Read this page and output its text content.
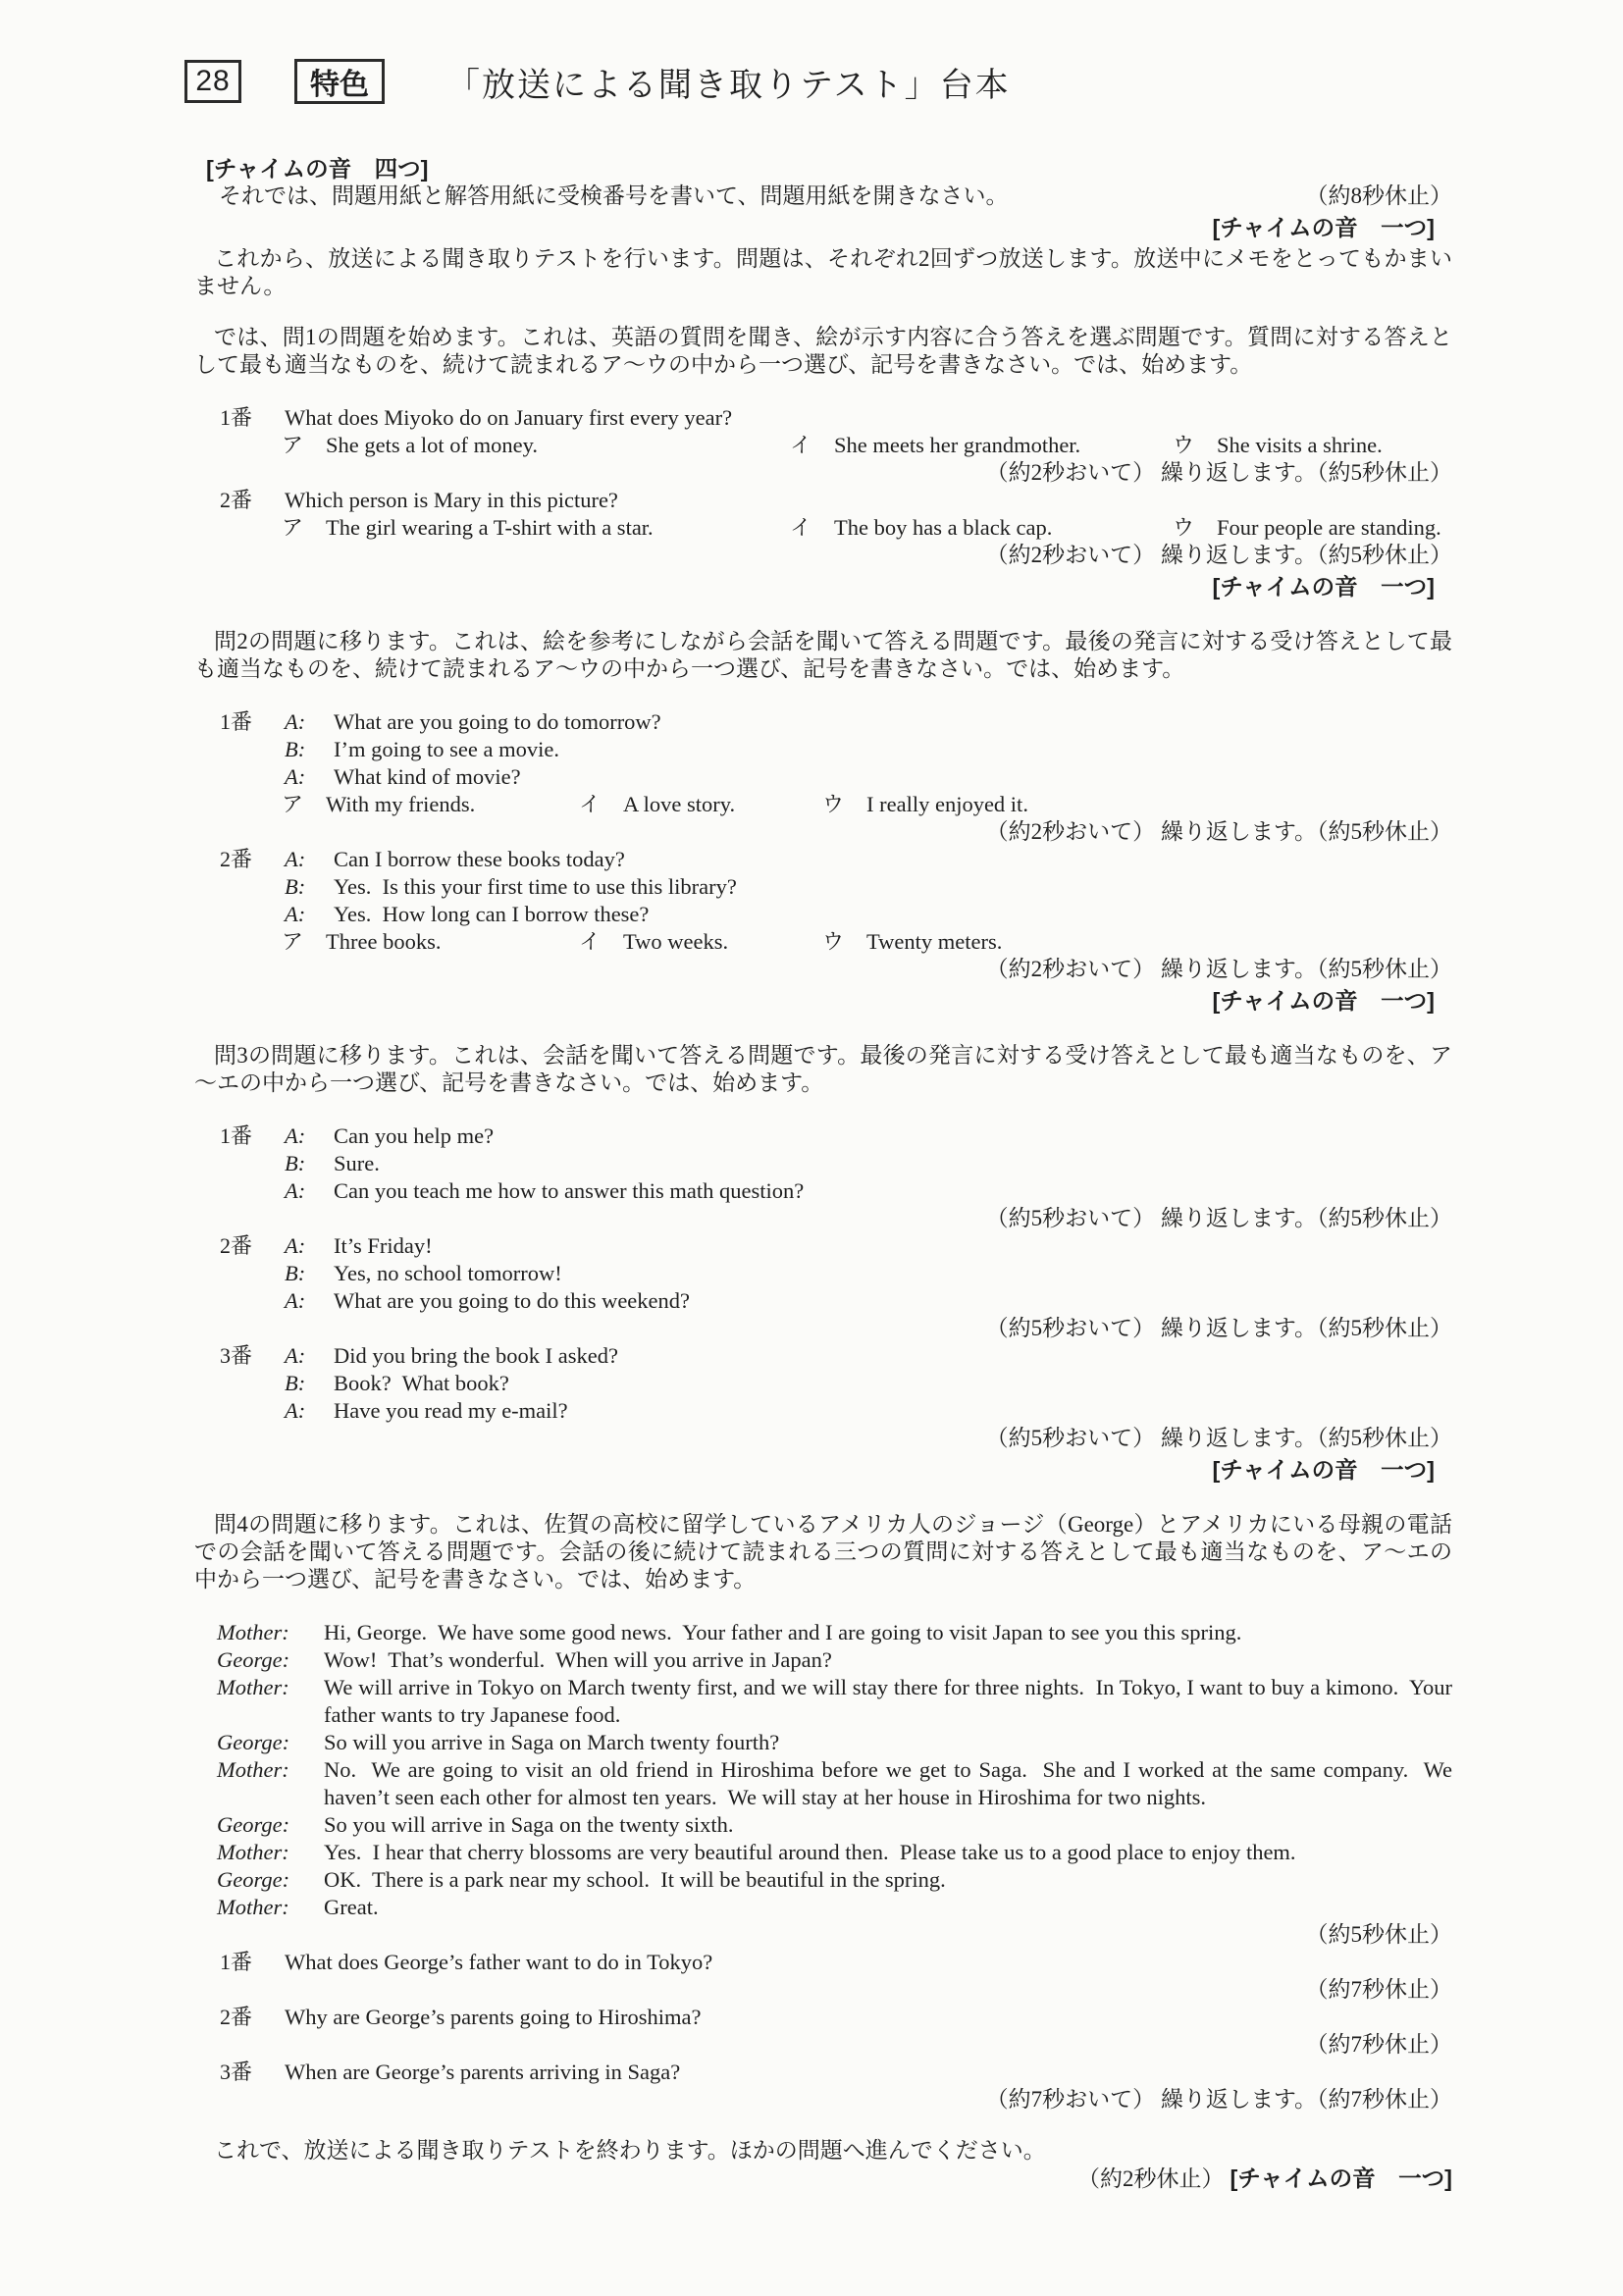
28	特色 「放送による聞き取りテスト」台本
[チャイムの音　四つ]
それでは、問題用紙と解答用紙に受検番号を書いて、問題用紙を開きなさい。	（約8秒休止）
[チャイムの音　一つ]
これから、放送による聞き取りテストを行います。問題は、それぞれ2回ずつ放送します。放送中にメモをとってもかまいません。
では、問1の問題を始めます。これは、英語の質問を聞き、絵が示す内容に合う答えを選ぶ問題です。質問に対する答えとして最も適当なものを、続けて読まれるア～ウの中から一つ選び、記号を書きなさい。では、始めます。
1番	What does Miyoko do on January first every year?
ア	She gets a lot of money.	イ	She meets her grandmother.	ウ	She visits a shrine.
（約2秒おいて） 繰り返します。（約5秒休止）
2番	Which person is Mary in this picture?
ア	The girl wearing a T-shirt with a star.	イ	The boy has a black cap.	ウ	Four people are standing.
（約2秒おいて） 繰り返します。（約5秒休止）
[チャイムの音　一つ]
問2の問題に移ります。これは、絵を参考にしながら会話を聞いて答える問題です。最後の発言に対する受け答えとして最も適当なものを、続けて読まれるア～ウの中から一つ選び、記号を書きなさい。では、始めます。
1番	A:	What are you going to do tomorrow?
B:	I’m going to see a movie.
A:	What kind of movie?
ア	With my friends.	イ	A love story.	ウ	I really enjoyed it.
（約2秒おいて） 繰り返します。（約5秒休止）
2番	A:	Can I borrow these books today?
B:	Yes.  Is this your first time to use this library?
A:	Yes.  How long can I borrow these?
ア	Three books.	イ	Two weeks.	ウ	Twenty meters.
（約2秒おいて） 繰り返します。（約5秒休止）
[チャイムの音　一つ]
問3の問題に移ります。これは、会話を聞いて答える問題です。最後の発言に対する受け答えとして最も適当なものを、ア～エの中から一つ選び、記号を書きなさい。では、始めます。
1番	A:	Can you help me?
B:	Sure.
A:	Can you teach me how to answer this math question?
（約5秒おいて） 繰り返します。（約5秒休止）
2番	A:	It’s Friday!
B:	Yes, no school tomorrow!
A:	What are you going to do this weekend?
（約5秒おいて） 繰り返します。（約5秒休止）
3番	A:	Did you bring the book I asked?
B:	Book?  What book?
A:	Have you read my e-mail?
（約5秒おいて） 繰り返します。（約5秒休止）
[チャイムの音　一つ]
問4の問題に移ります。これは、佐賀の高校に留学しているアメリカ人のジョージ（George）とアメリカにいる母親の電話での会話を聞いて答える問題です。会話の後に続けて読まれる三つの質問に対する答えとして最も適当なものを、ア～エの中から一つ選び、記号を書きなさい。では、始めます。
Mother:	Hi, George.  We have some good news.  Your father and I are going to visit Japan to see you this spring.
George:	Wow!  That’s wonderful.  When will you arrive in Japan?
Mother:	We will arrive in Tokyo on March twenty first, and we will stay there for three nights.  In Tokyo, I want to buy a kimono.  Your father wants to try Japanese food.
George:	So will you arrive in Saga on March twenty fourth?
Mother:	No.  We are going to visit an old friend in Hiroshima before we get to Saga.  She and I worked at the same company.  We haven’t seen each other for almost ten years.  We will stay at her house in Hiroshima for two nights.
George:	So you will arrive in Saga on the twenty sixth.
Mother:	Yes.  I hear that cherry blossoms are very beautiful around then.  Please take us to a good place to enjoy them.
George:	OK.  There is a park near my school.  It will be beautiful in the spring.
Mother:	Great.
（約5秒休止）
1番	What does George’s father want to do in Tokyo?
（約7秒休止）
2番	Why are George’s parents going to Hiroshima?
（約7秒休止）
3番	When are George’s parents arriving in Saga?
（約7秒おいて） 繰り返します。（約7秒休止）
これで、放送による聞き取りテストを終わります。ほかの問題へ進んでください。
（約2秒休止） [チャイムの音　一つ]
